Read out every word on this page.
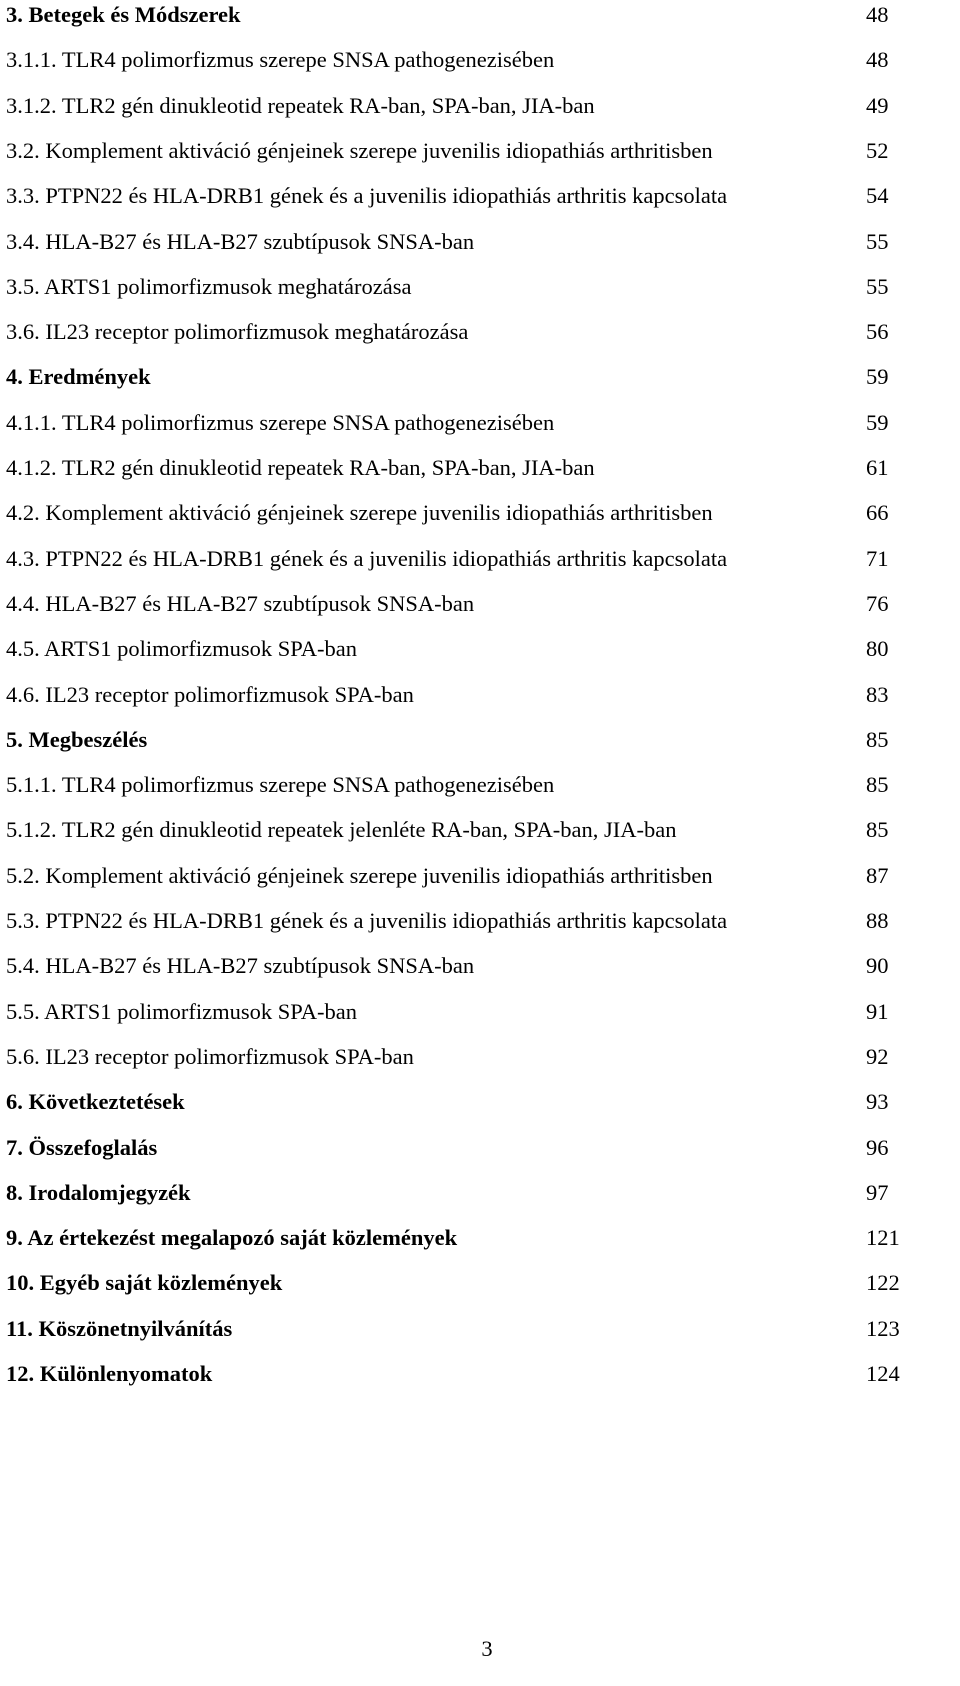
3. Betegek és Módszerek	48
3.1.1. TLR4 polimorfizmus szerepe SNSA pathogenezisében	48
3.1.2. TLR2 gén dinukleotid repeatek RA-ban, SPA-ban, JIA-ban	49
3.2. Komplement aktiváció génjeinek szerepe juvenilis idiopathiás arthritisben	52
3.3. PTPN22 és HLA-DRB1 gének és a juvenilis idiopathiás arthritis kapcsolata	54
3.4. HLA-B27 és HLA-B27 szubtípusok SNSA-ban	55
3.5. ARTS1 polimorfizmusok meghatározása	55
3.6. IL23 receptor polimorfizmusok meghatározása	56
4. Eredmények	59
4.1.1. TLR4 polimorfizmus szerepe SNSA pathogenezisében	59
4.1.2. TLR2 gén dinukleotid repeatek RA-ban, SPA-ban, JIA-ban	61
4.2. Komplement aktiváció génjeinek szerepe juvenilis idiopathiás arthritisben	66
4.3. PTPN22 és HLA-DRB1 gének és a juvenilis idiopathiás arthritis kapcsolata	71
4.4. HLA-B27 és HLA-B27 szubtípusok SNSA-ban	76
4.5. ARTS1 polimorfizmusok SPA-ban	80
4.6. IL23 receptor polimorfizmusok SPA-ban	83
5. Megbeszélés	85
5.1.1. TLR4 polimorfizmus szerepe SNSA pathogenezisében	85
5.1.2. TLR2 gén dinukleotid repeatek jelenléte RA-ban, SPA-ban, JIA-ban	85
5.2. Komplement aktiváció génjeinek szerepe juvenilis idiopathiás arthritisben	87
5.3. PTPN22 és HLA-DRB1 gének és a juvenilis idiopathiás arthritis kapcsolata	88
5.4. HLA-B27 és HLA-B27 szubtípusok SNSA-ban	90
5.5. ARTS1 polimorfizmusok SPA-ban	91
5.6. IL23 receptor polimorfizmusok SPA-ban	92
6. Következtetések	93
7. Összefoglalás	96
8. Irodalomjegyzék	97
9. Az értekezést megalapozó saját közlemények	121
10. Egyéb saját közlemények	122
11. Köszönetnyilvánítás	123
12. Különlenyomatok	124
3
